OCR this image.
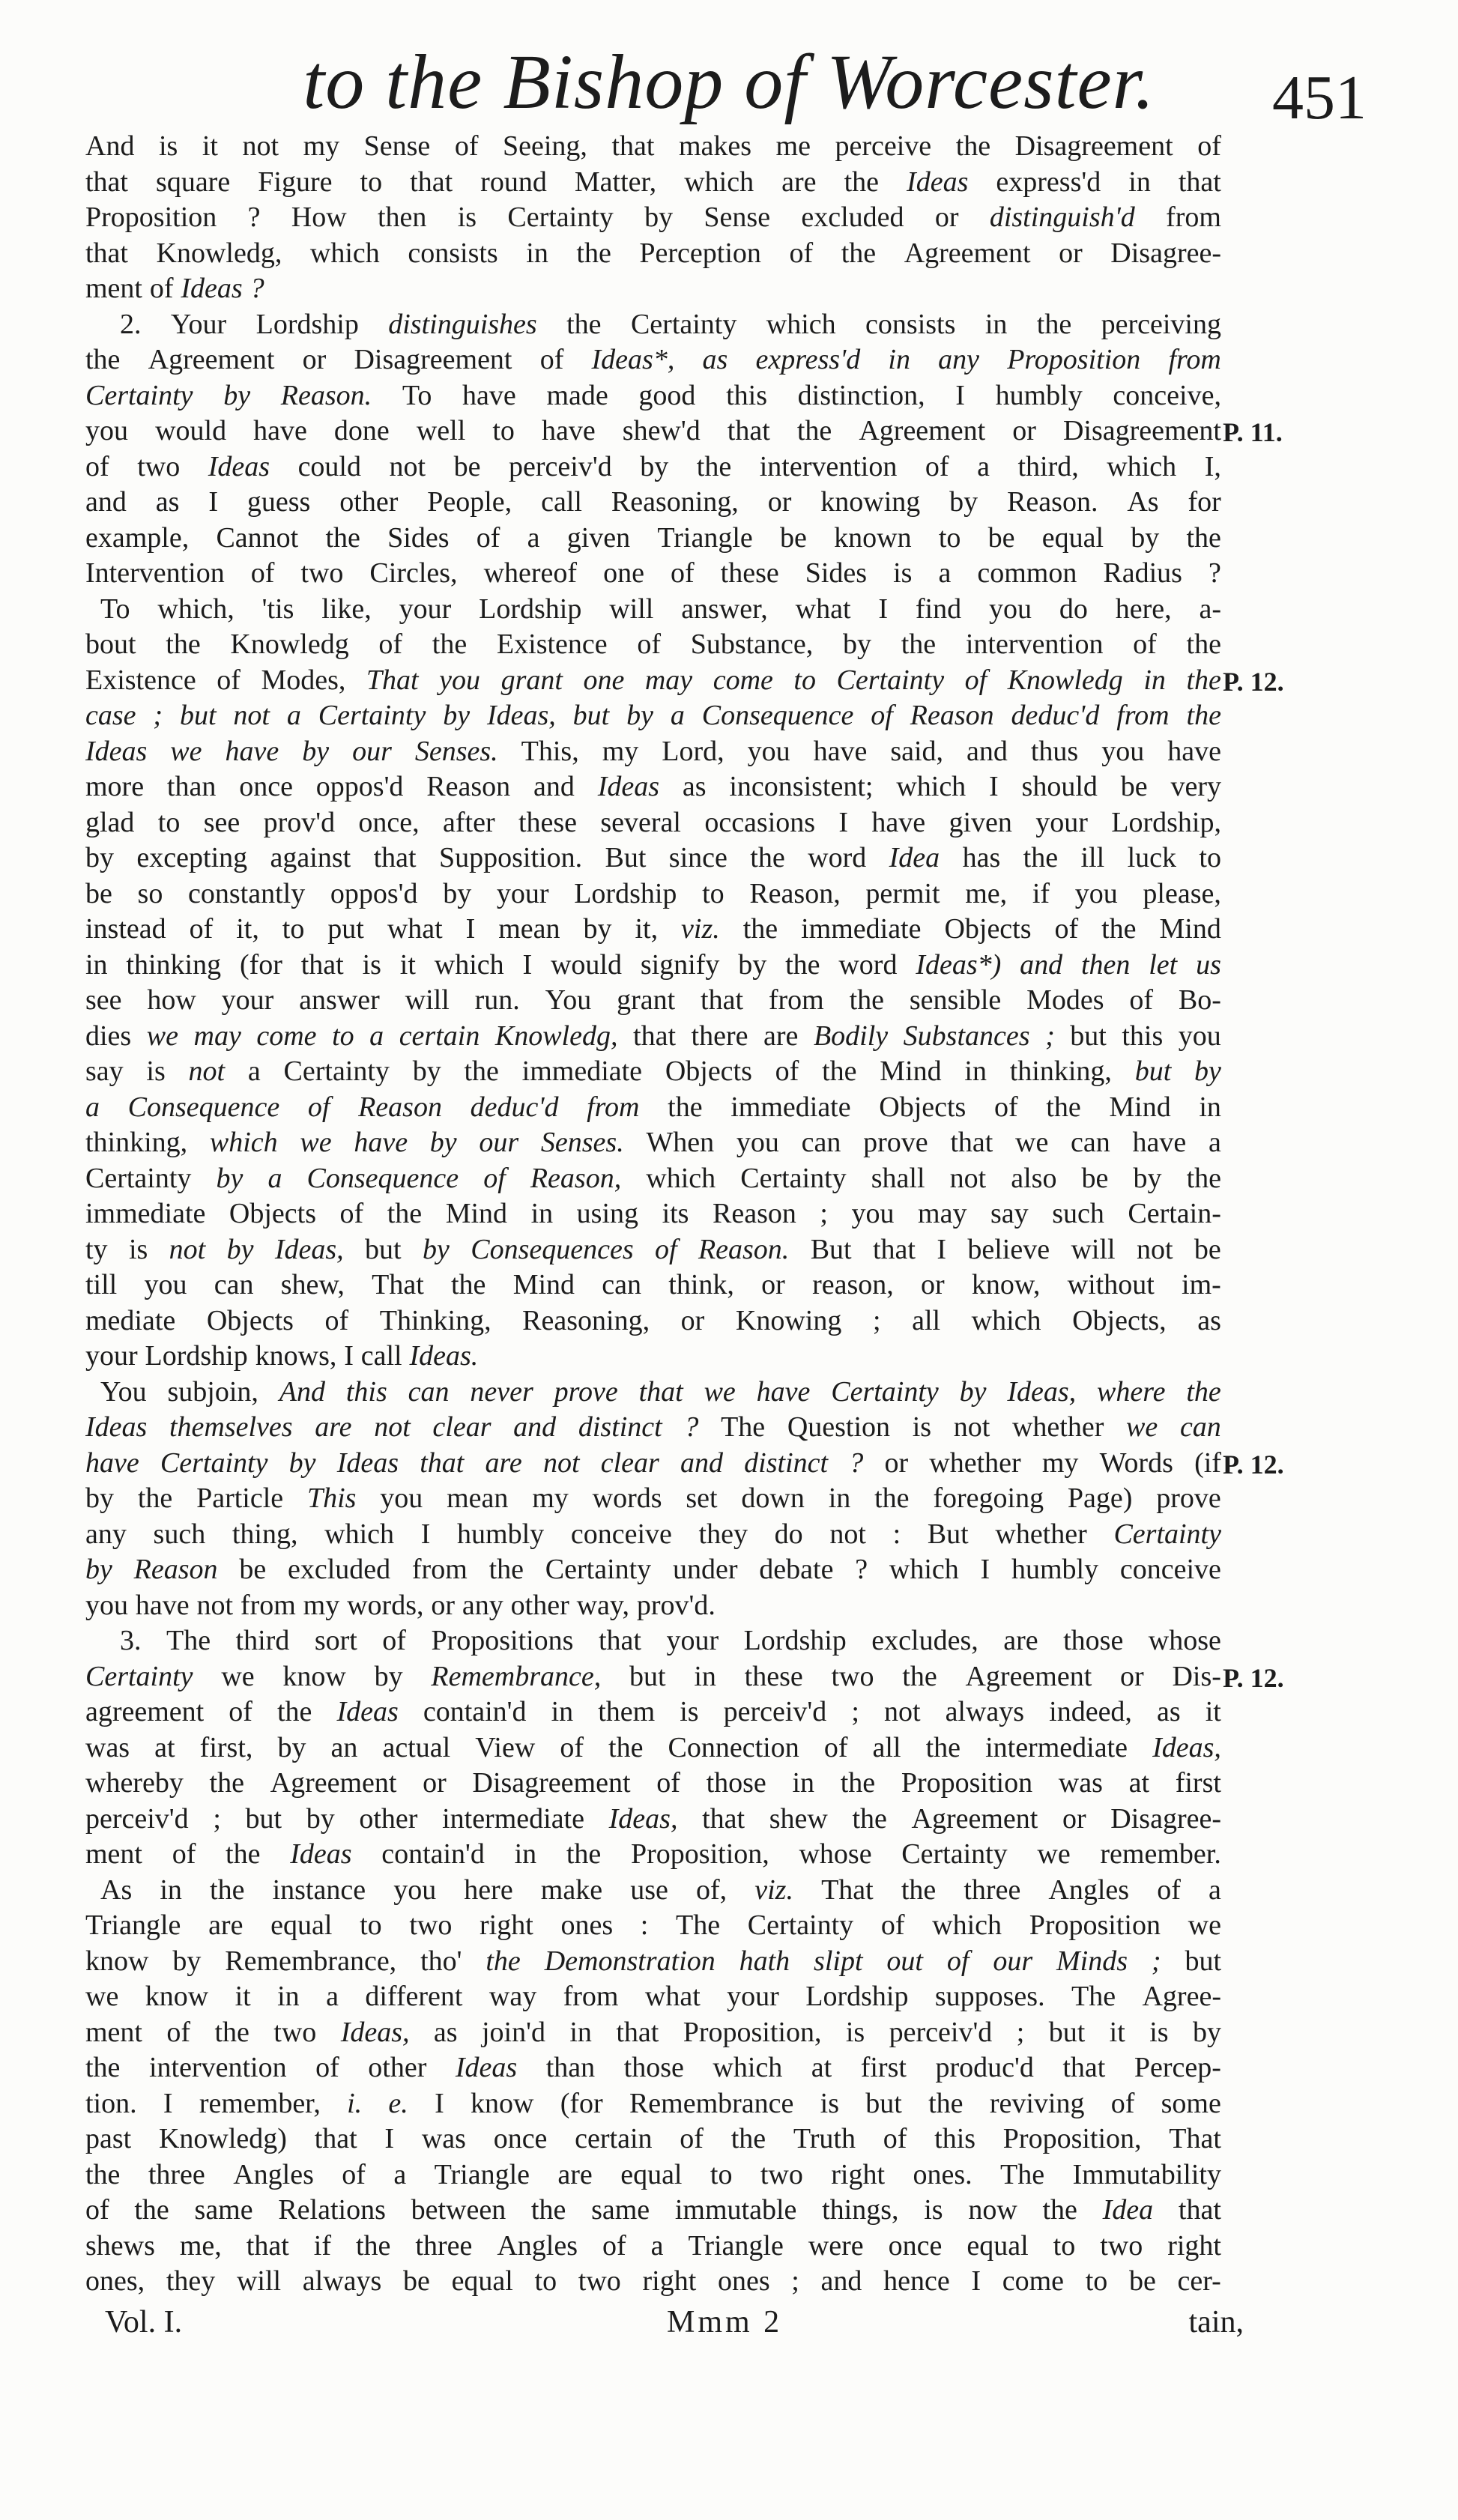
to the Bishop of Worcester.	451
And is it not my Sense of Seeing, that makes me perceive the Disagreement of
that square Figure to that round Matter, which are the Ideas express'd in that
Proposition ? How then is Certainty by Sense excluded or distinguish'd from
that Knowledg, which consists in the Perception of the Agreement or Disagree-
ment of Ideas ?
2. Your Lordship distinguishes the Certainty which consists in the perceiving
the Agreement or Disagreement of Ideas*, as express'd in any Proposition from
Certainty by Reason. To have made good this distinction, I humbly conceive,
you would have done well to have shew'd that the Agreement or Disagreement
of two Ideas could not be perceiv'd by the intervention of a third, which I,
and as I guess other People, call Reasoning, or knowing by Reason. As for
example, Cannot the Sides of a given Triangle be known to be equal by the
Intervention of two Circles, whereof one of these Sides is a common Radius ?
To which, 'tis like, your Lordship will answer, what I find you do here, a-
bout the Knowledg of the Existence of Substance, by the intervention of the
Existence of Modes, That you grant one may come to Certainty of Knowledg in the
case ; but not a Certainty by Ideas, but by a Consequence of Reason deduc'd from the
Ideas we have by our Senses. This, my Lord, you have said, and thus you have
more than once oppos'd Reason and Ideas as inconsistent; which I should be very
glad to see prov'd once, after these several occasions I have given your Lordship,
by excepting against that Supposition. But since the word Idea has the ill luck to
be so constantly oppos'd by your Lordship to Reason, permit me, if you please,
instead of it, to put what I mean by it, viz. the immediate Objects of the Mind
in thinking (for that is it which I would signify by the word Ideas*) and then let us
see how your answer will run. You grant that from the sensible Modes of Bo-
dies we may come to a certain Knowledg, that there are Bodily Substances ; but this you
say is not a Certainty by the immediate Objects of the Mind in thinking, but by
a Consequence of Reason deduc'd from the immediate Objects of the Mind in
thinking, which we have by our Senses. When you can prove that we can have a
Certainty by a Consequence of Reason, which Certainty shall not also be by the
immediate Objects of the Mind in using its Reason ; you may say such Certain-
ty is not by Ideas, but by Consequences of Reason. But that I believe will not be
till you can shew, That the Mind can think, or reason, or know, without im-
mediate Objects of Thinking, Reasoning, or Knowing ; all which Objects, as
your Lordship knows, I call Ideas.
You subjoin, And this can never prove that we have Certainty by Ideas, where the
Ideas themselves are not clear and distinct ? The Question is not whether we can
have Certainty by Ideas that are not clear and distinct ? or whether my Words (if
by the Particle This you mean my words set down in the foregoing Page) prove
any such thing, which I humbly conceive they do not : But whether Certainty
by Reason be excluded from the Certainty under debate ? which I humbly conceive
you have not from my words, or any other way, prov'd.
3. The third sort of Propositions that your Lordship excludes, are those whose
Certainty we know by Remembrance, but in these two the Agreement or Dis-
agreement of the Ideas contain'd in them is perceiv'd ; not always indeed, as it
was at first, by an actual View of the Connection of all the intermediate Ideas,
whereby the Agreement or Disagreement of those in the Proposition was at first
perceiv'd ; but by other intermediate Ideas, that shew the Agreement or Disagree-
ment of the Ideas contain'd in the Proposition, whose Certainty we remember.
As in the instance you here make use of, viz. That the three Angles of a
Triangle are equal to two right ones : The Certainty of which Proposition we
know by Remembrance, tho' the Demonstration hath slipt out of our Minds ; but
we know it in a different way from what your Lordship supposes. The Agree-
ment of the two Ideas, as join'd in that Proposition, is perceiv'd ; but it is by
the intervention of other Ideas than those which at first produc'd that Percep-
tion. I remember, i. e. I know (for Remembrance is but the reviving of some
past Knowledg) that I was once certain of the Truth of this Proposition, That
the three Angles of a Triangle are equal to two right ones. The Immutability
of the same Relations between the same immutable things, is now the Idea that
shews me, that if the three Angles of a Triangle were once equal to two right
ones, they will always be equal to two right ones ; and hence I come to be cer-
P. 11.
P. 12.
P. 12.
P. 12.
Vol. I.	Mmm 2	tain,
